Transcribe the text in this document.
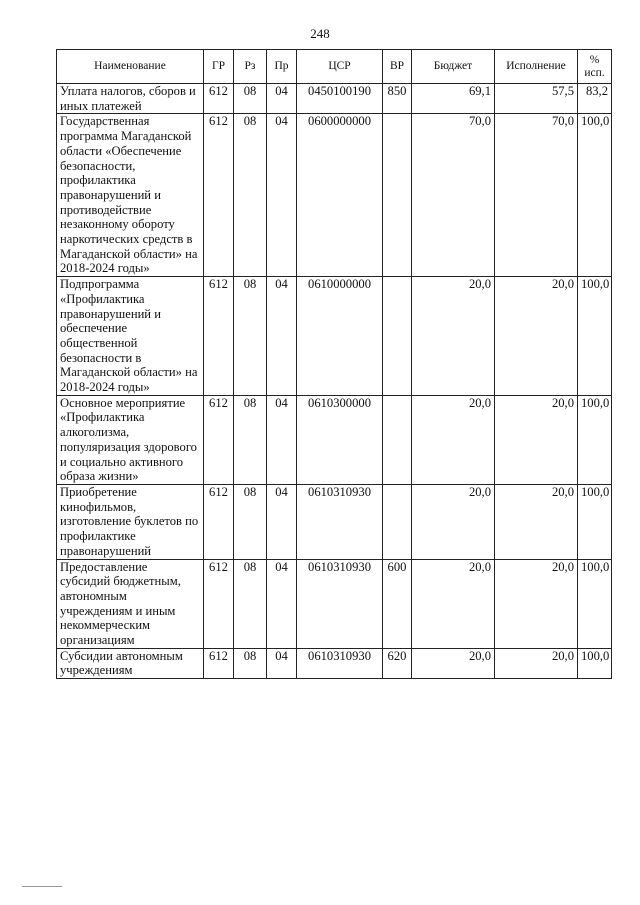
248
Наименование	ГР	Рз	Пр	ЦСР	ВР	Бюджет	Исполнение	% исп.
Уплата налогов, сборов и иных платежей	612	08	04	0450100190	850	69,1	57,5	83,2
Государственная программа Магаданской области «Обеспечение безопасности, профилактика правонарушений и противодействие незаконному обороту наркотических средств в Магаданской области» на 2018-2024 годы»	612	08	04	0600000000		70,0	70,0	100,0
Подпрограмма «Профилактика правонарушений и обеспечение общественной безопасности в Магаданской области» на 2018-2024 годы»	612	08	04	0610000000		20,0	20,0	100,0
Основное мероприятие «Профилактика алкоголизма, популяризация здорового и социально активного образа жизни»	612	08	04	0610300000		20,0	20,0	100,0
Приобретение кинофильмов, изготовление буклетов по профилактике правонарушений	612	08	04	0610310930		20,0	20,0	100,0
Предоставление субсидий бюджетным, автономным учреждениям и иным некоммерческим организациям	612	08	04	0610310930	600	20,0	20,0	100,0
Субсидии автономным учреждениям	612	08	04	0610310930	620	20,0	20,0	100,0
